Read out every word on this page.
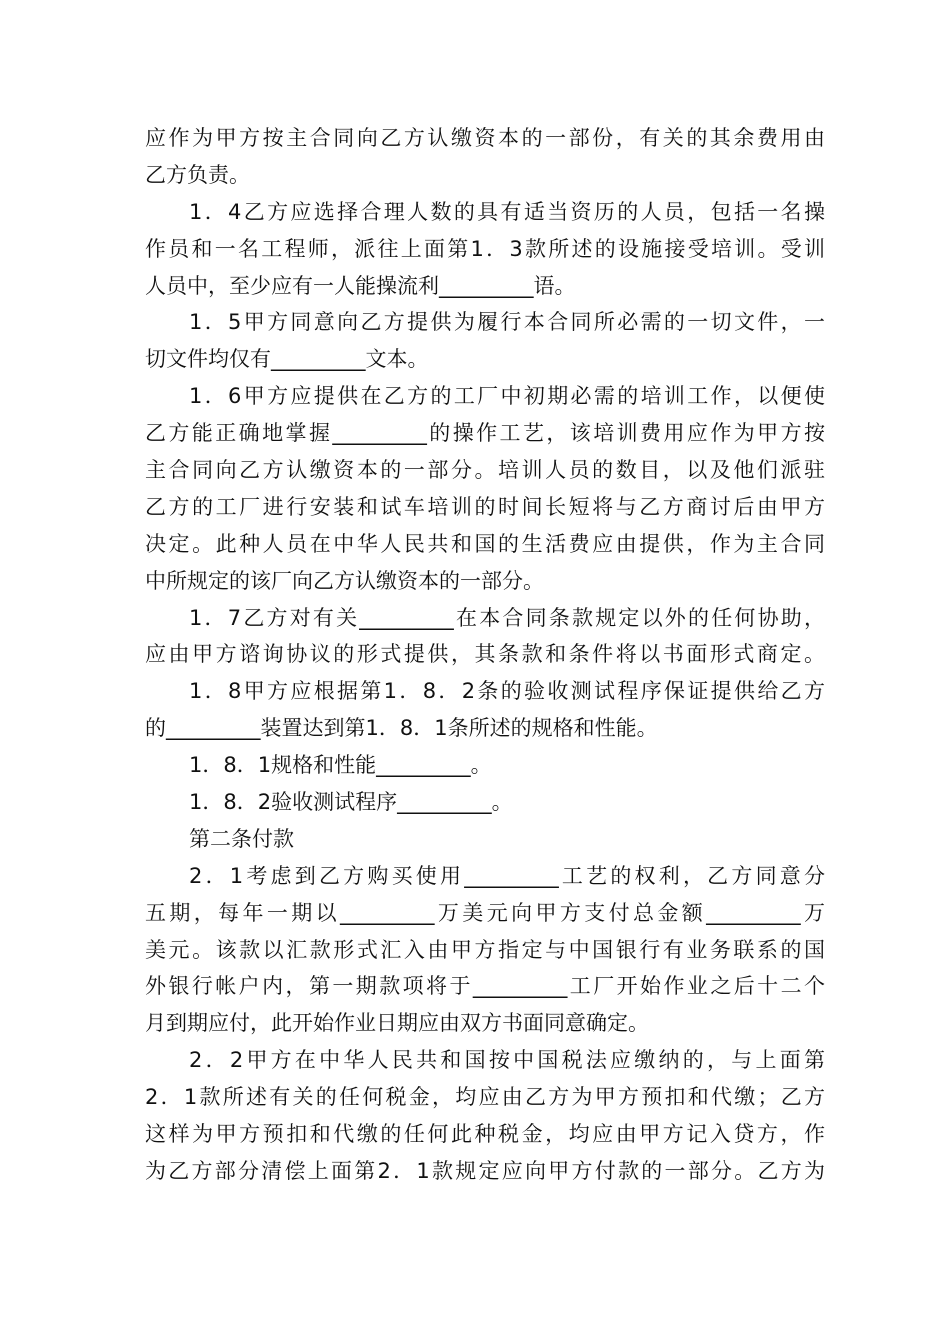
应作为甲方按主合同向乙方认缴资本的一部份，有关的其余费用由
乙方负责。
1．4乙方应选择合理人数的具有适当资历的人员，包括一名操
作员和一名工程师，派往上面第1．3款所述的设施接受培训。受训
人员中，至少应有一人能操流利_________语。
1．5甲方同意向乙方提供为履行本合同所必需的一切文件，一
切文件均仅有_________文本。
1．6甲方应提供在乙方的工厂中初期必需的培训工作，以便使
乙方能正确地掌握_________的操作工艺，该培训费用应作为甲方按
主合同向乙方认缴资本的一部分。培训人员的数目，以及他们派驻
乙方的工厂进行安装和试车培训的时间长短将与乙方商讨后由甲方
决定。此种人员在中华人民共和国的生活费应由提供，作为主合同
中所规定的该厂向乙方认缴资本的一部分。
1．7乙方对有关_________在本合同条款规定以外的任何协助，
应由甲方谘询协议的形式提供，其条款和条件将以书面形式商定。
1．8甲方应根据第1．8．2条的验收测试程序保证提供给乙方
的_________装置达到第1．8．1条所述的规格和性能。
1．8．1规格和性能_________。
1．8．2验收测试程序_________。
第二条付款
2．1考虑到乙方购买使用_________工艺的权利，乙方同意分
五期，每年一期以_________万美元向甲方支付总金额_________万
美元。该款以汇款形式汇入由甲方指定与中国银行有业务联系的国
外银行帐户内，第一期款项将于_________工厂开始作业之后十二个
月到期应付，此开始作业日期应由双方书面同意确定。
2．2甲方在中华人民共和国按中国税法应缴纳的，与上面第
2．1款所述有关的任何税金，均应由乙方为甲方预扣和代缴；乙方
这样为甲方预扣和代缴的任何此种税金，均应由甲方记入贷方，作
为乙方部分清偿上面第2．1款规定应向甲方付款的一部分。乙方为
